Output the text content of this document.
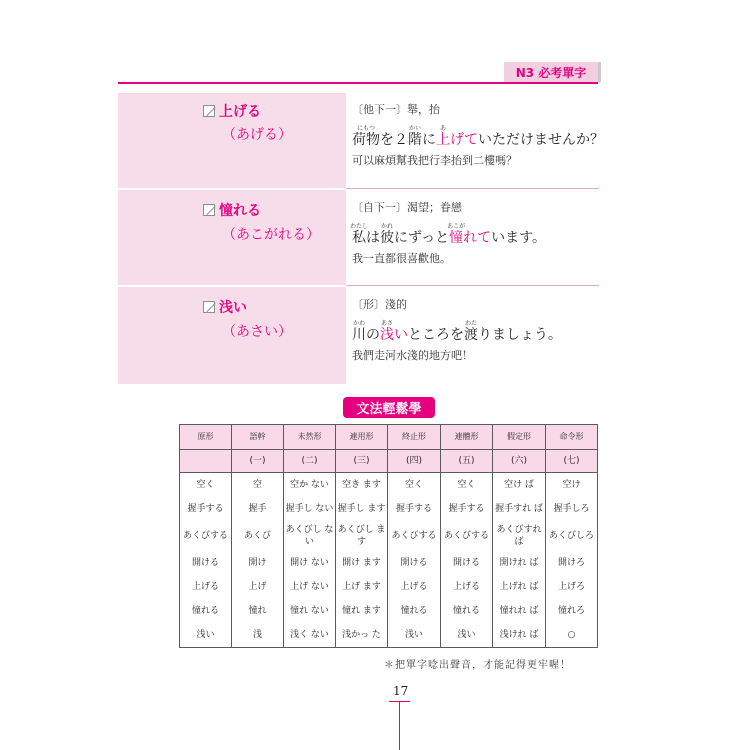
N3 必考單字
上げる
（あげる）
〔他下一〕舉，抬
荷物
にもつ
を２階
かい
に上
あ
げていただけませんか？
可以麻煩幫我把行李抬到二樓嗎？
憧れる
（あこがれる）
〔自下一〕渴望；眷戀
私
わたし
は彼
かれ
にずっと憧
あこが
れています。
我一直都很喜歡他。
浅い
（あさい）
〔形〕淺的
川
かわ
の浅
あさ
いところを渡
わた
りましょう。
我們走河水淺的地方吧！
文法輕鬆學
原形	語幹	未然形	連用形	終止形	連體形	假定形	命令形
	(一)	(二)	(三)	(四)	(五)	(六)	(七)
空く	空	空か ない	空き ます	空く	空く	空け ば	空け
握手する	握手	握手し ない	握手し ます	握手する	握手する	握手すれ ば	握手しろ
あくびする	あくび	あくびし な い	あくびし ま す	あくびする	あくびする	あくびすれ ば	あくびしろ
開ける	開け	開け ない	開け ます	開ける	開ける	開けれ ば	開けろ
上げる	上げ	上げ ない	上げ ます	上げる	上げる	上げれ ば	上げろ
憧れる	憧れ	憧れ ない	憧れ ます	憧れる	憧れる	憧れれ ば	憧れろ
浅い	浅	浅く ない	浅かっ た	浅い	浅い	浅けれ ば	○
＊把單字唸出聲音，才能記得更牢喔！
17
